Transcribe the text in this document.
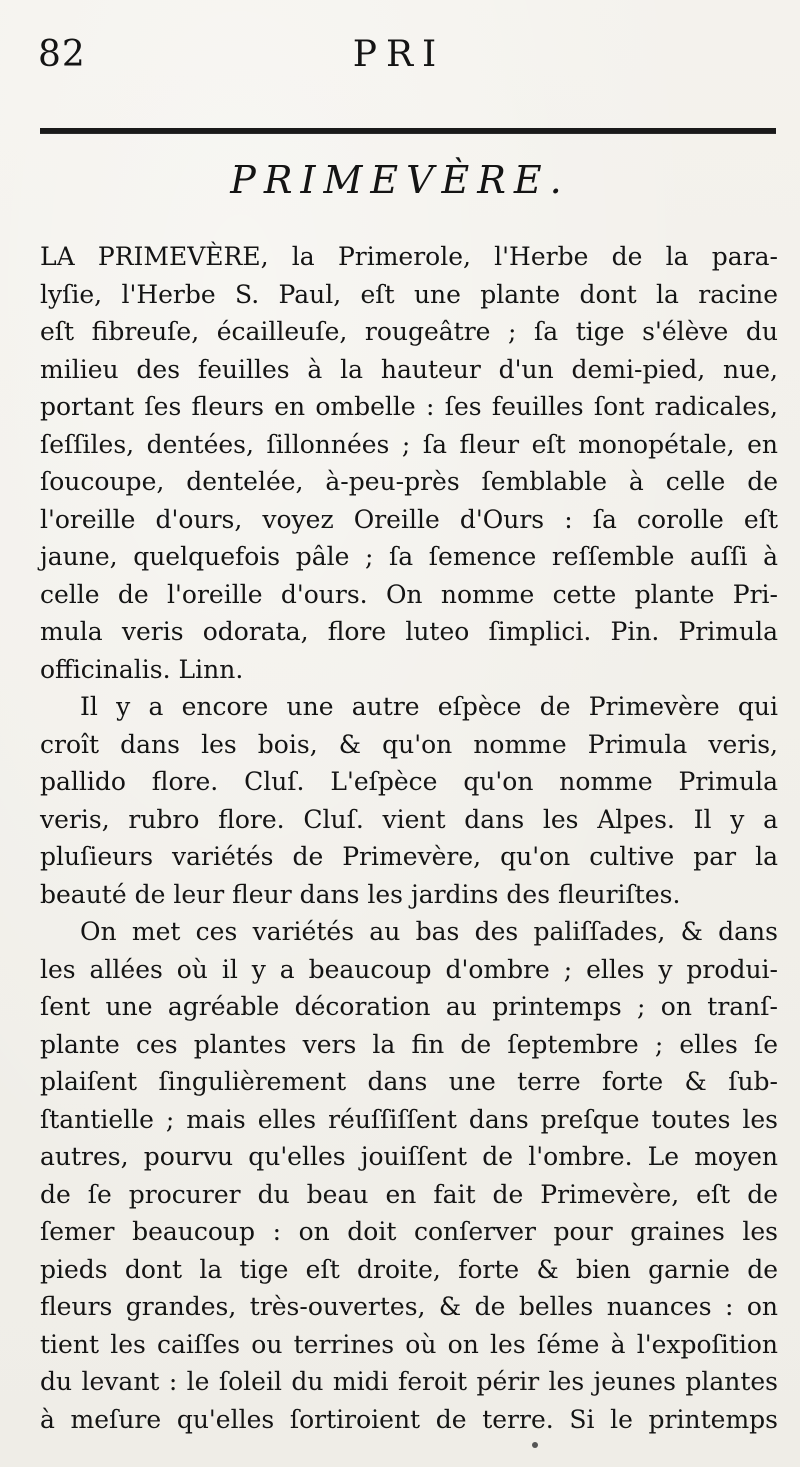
82	PRI
PRIMEVÈRE.

LA PRIMEVÈRE, la Primerole, l'Herbe de la para-
lyſie, l'Herbe S. Paul, eſt une plante dont la racine
eſt fibreuſe, écailleuſe, rougeâtre ; ſa tige s'élève du
milieu des feuilles à la hauteur d'un demi-pied, nue,
portant ſes fleurs en ombelle : ſes feuilles ſont radicales,
ſeſſiles, dentées, ſillonnées ; ſa fleur eſt monopétale, en
ſoucoupe, dentelée, à-peu-près ſemblable à celle de
l'oreille d'ours, voyez Oreille d'Ours : ſa corolle eſt
jaune, quelquefois pâle ; ſa ſemence reſſemble auſſi à
celle de l'oreille d'ours. On nomme cette plante Pri-
mula veris odorata, flore luteo ſimplici. Pin. Primula
officinalis. Linn.

Il y a encore une autre eſpèce de Primevère qui
croît dans les bois, & qu'on nomme Primula veris,
pallido flore. Cluſ. L'eſpèce qu'on nomme Primula
veris, rubro flore. Cluſ. vient dans les Alpes. Il y a
pluſieurs variétés de Primevère, qu'on cultive par la
beauté de leur fleur dans les jardins des fleuriſtes.

On met ces variétés au bas des paliſſades, & dans
les allées où il y a beaucoup d'ombre ; elles y produi-
ſent une agréable décoration au printemps ; on tranſ-
plante ces plantes vers la fin de ſeptembre ; elles ſe
plaiſent ſingulièrement dans une terre forte & ſub-
ſtantielle ; mais elles réuſſiſſent dans preſque toutes les
autres, pourvu qu'elles jouiſſent de l'ombre. Le moyen
de ſe procurer du beau en fait de Primevère, eſt de
ſemer beaucoup : on doit conſerver pour graines les
pieds dont la tige eſt droite, forte & bien garnie de
fleurs grandes, très-ouvertes, & de belles nuances : on
tient les caiſſes ou terrines où on les ſéme à l'expoſition
du levant : le ſoleil du midi feroit périr les jeunes plantes
à meſure qu'elles ſortiroient de terre. Si le printemps
